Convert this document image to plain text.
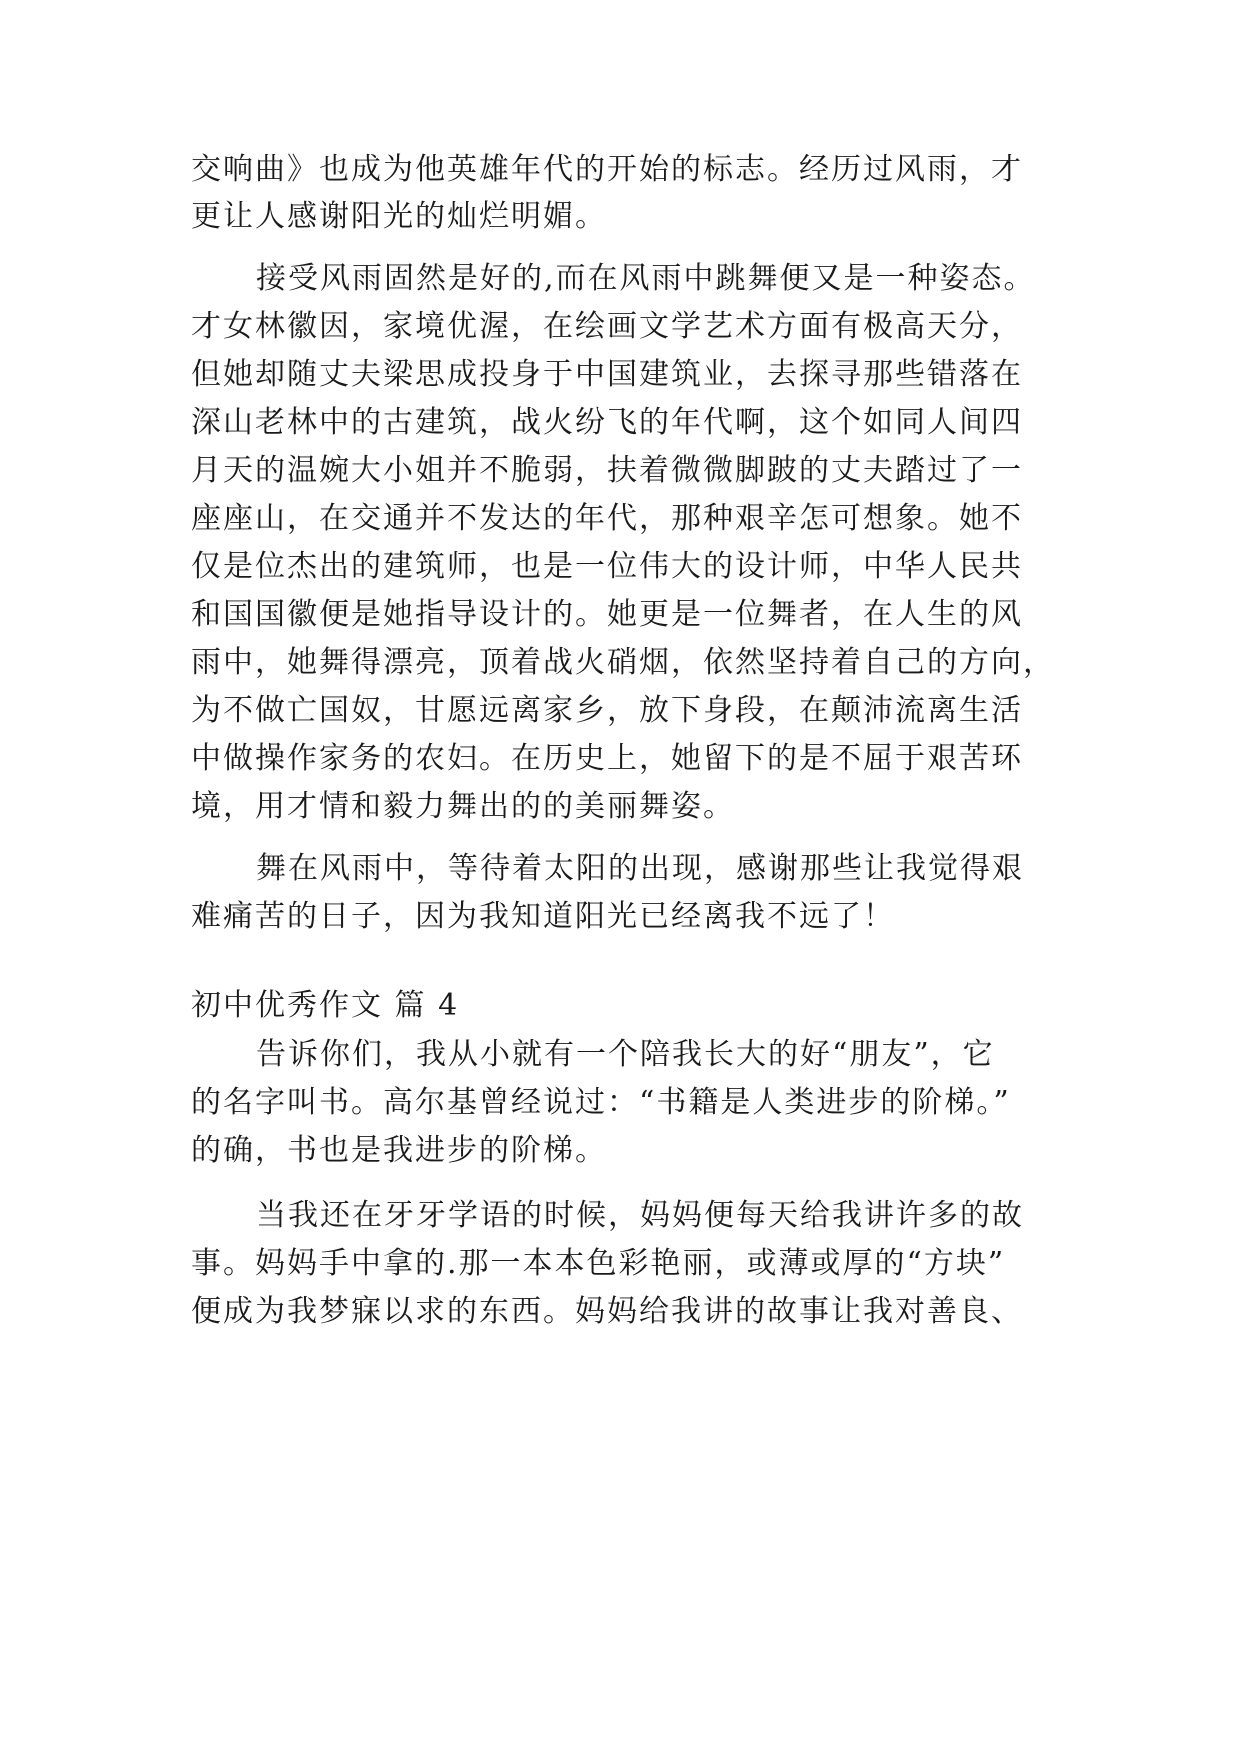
交响曲》也成为他英雄年代的开始的标志。经历过风雨，才
更让人感谢阳光的灿烂明媚。
接受风雨固然是好的,而在风雨中跳舞便又是一种姿态。
才女林徽因，家境优渥，在绘画文学艺术方面有极高天分，
但她却随丈夫梁思成投身于中国建筑业，去探寻那些错落在
深山老林中的古建筑，战火纷飞的年代啊，这个如同人间四
月天的温婉大小姐并不脆弱，扶着微微脚跛的丈夫踏过了一
座座山，在交通并不发达的年代，那种艰辛怎可想象。她不
仅是位杰出的建筑师，也是一位伟大的设计师，中华人民共
和国国徽便是她指导设计的。她更是一位舞者，在人生的风
雨中，她舞得漂亮，顶着战火硝烟，依然坚持着自己的方向，
为不做亡国奴，甘愿远离家乡，放下身段，在颠沛流离生活
中做操作家务的农妇。在历史上，她留下的是不屈于艰苦环
境，用才情和毅力舞出的的美丽舞姿。
舞在风雨中，等待着太阳的出现，感谢那些让我觉得艰
难痛苦的日子，因为我知道阳光已经离我不远了！
初中优秀作文 篇 4
告诉你们，我从小就有一个陪我长大的好“朋友”，它
的名字叫书。高尔基曾经说过：“书籍是人类进步的阶梯。”
的确，书也是我进步的阶梯。
当我还在牙牙学语的时候，妈妈便每天给我讲许多的故
事。妈妈手中拿的.那一本本色彩艳丽，或薄或厚的“方块”
便成为我梦寐以求的东西。妈妈给我讲的故事让我对善良、
